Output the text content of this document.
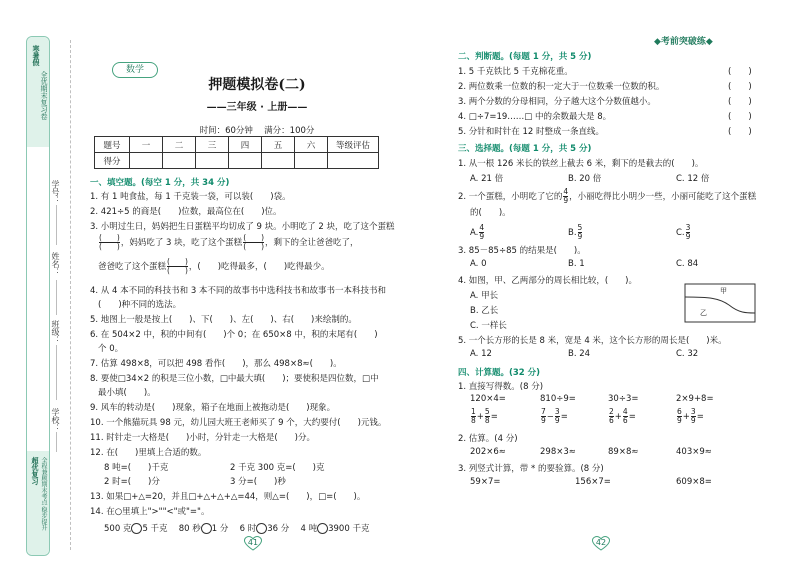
寒暑假
全优期末复习卷
超优复习 全程兼顾期末考点 稳步提升
学号：
姓名：
班级：
学校：
数学
押题模拟卷(二)
——三年级 · 上册——
时间：60分钟　 满分：100分
题号	一	二	三	四	五	六	等级评估
得分							
一、填空题。(每空 1 分，共 34 分)
1. 有 1 吨食盐，每 1 千克装一袋，可以装(　　)袋。
2. 421÷5 的商是(　　)位数，最高位在(　　)位。
3. 小明过生日，妈妈把生日蛋糕平均切成了 9 块。小明吃了 2 块，吃了这个蛋糕
(　　)
(　　) ，妈妈吃了 3 块，吃了这个蛋糕
(　　)
(　　) ，剩下的全让爸爸吃了，
爸爸吃了这个蛋糕
(　　)
(　　) ，(　　)吃得最多，(　　)吃得最少。
4. 从 4 本不同的科技书和 3 本不同的故事书中选科技书和故事书一本科技书和
(　　)种不同的选法。
5. 地图上一般是按上(　　)、下(　　)、左(　　)、右(　　)来绘制的。
6. 在 504×2 中，积的中间有(　　)个 0；在 650×8 中，积的末尾有(　　)
个 0。
7. 估算 498×8，可以把 498 看作(　　)，那么 498×8≈(　　)。
8. 要使□34×2 的积是三位小数，□中最大填(　　)；要使积是四位数，□中
最小填(　　)。
9. 风车的转动是(　　)现象，箱子在地面上被拖动是(　　)现象。
10. 一个熊猫玩具 98 元，幼儿园大班王老师买了 9 个，大约要付(　　)元钱。
11. 时针走一大格是(　　)小时，分针走一大格是(　　)分。
12. 在(　　)里填上合适的数。
8 吨=(　　)千克	2 千克 300 克=(　　)克
2 时=(　　)分	3 分=(　　)秒
13. 如果□+△=20，并且□+△+△+△=44，则△=(　　)，□=(　　)。
14. 在○里填上">""<"或"="。
500 克 5 千克　 80 秒 1 分　 6 时 36 分　 4 吨 3900 千克
41
◆考前突破练◆
二、判断题。(每题 1 分，共 5 分)
1. 5 千克铁比 5 千克棉花重。	(　　)
2. 两位数乘一位数的积一定大于一位数乘一位数的积。	(　　)
3. 两个分数的分母相同，分子越大这个分数值越小。	(　　)
4. □÷7=19……□ 中的余数最大是 8。	(　　)
5. 分针和时针在 12 时整成一条直线。	(　　)
三、选择题。(每题 1 分，共 5 分)
1. 从一根 126 米长的铁丝上截去 6 米，剩下的是截去的(　　)。
A. 21 倍	B. 20 倍	C. 12 倍
2. 一个蛋糕，小明吃了它的 $\frac{4}{9}$ ，小丽吃得比小明少一些，小丽可能吃了这个蛋糕
的(　　)。
A. $\frac{4}{9}$	B. $\frac{5}{9}$	C. $\frac{3}{9}$
3. 85－85÷85 的结果是(　　)。
A. 0	B. 1	C. 84
4. 如图，甲、乙两部分的周长相比较，(　　)。
A. 甲长
B. 乙长
C. 一样长
甲
乙
5. 一个长方形的长是 8 米，宽是 4 米，这个长方形的周长是(　　)米。
A. 12	B. 24	C. 32
四、计算题。(32 分)
1. 直接写得数。(8 分)
120×4=	810÷9=	30÷3=	2×9+8=
$\frac{1}{8} + \frac{5}{8}$ =	$\frac{7}{9} - \frac{3}{9}$ =	$\frac{2}{6} + \frac{4}{6}$ =	$\frac{6}{9} + \frac{3}{9}$ =
2. 估算。(4 分)
202×6≈	298×3≈	89×8≈	403×9≈
3. 列竖式计算，带 * 的要验算。(8 分)
59×7=	156×7=	609×8=
42
